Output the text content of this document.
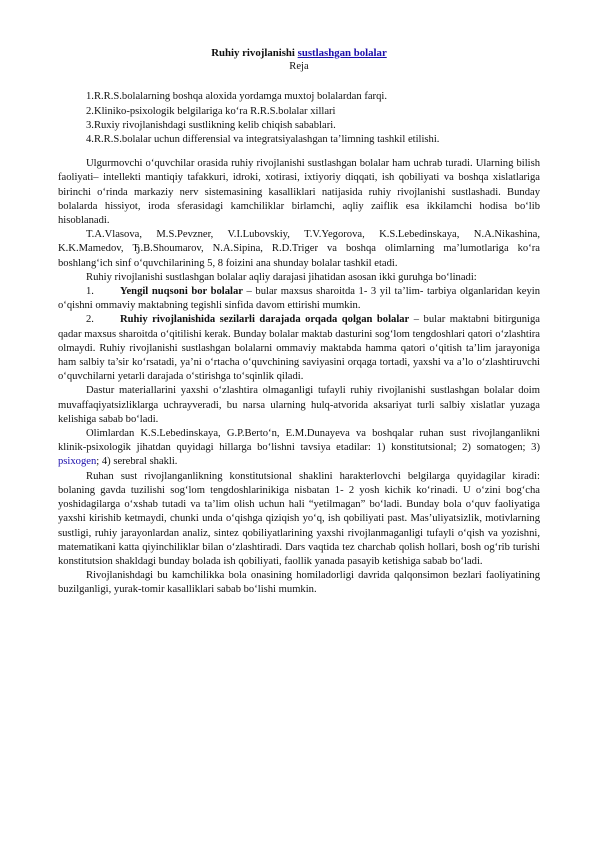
Ruhiy rivojlanishi sustlashgan bolalar
Reja
1.R.R.S.bolalarning boshqa aloxida yordamga muxtoj bolalardan farqi.
2.Kliniko-psixologik belgilariga ko‘ra R.R.S.bolalar xillari
3.Ruxiy rivojlanishdagi sustlikning kelib chiqish sabablari.
4.R.R.S.bolalar uchun differensial va integratsiyalashgan ta’limning tashkil etilishi.

Ulgurmovchi o‘quvchilar orasida ruhiy rivojlanishi sustlashgan bolalar ham uchrab turadi. Ularning bilish faoliyati– intellekti mantiqiy tafakkuri, idroki, xotirasi, ixtiyoriy diqqati, ish qobiliyati va boshqa xislatlariga birinchi o‘rinda markaziy nerv sistemasining kasalliklari natijasida ruhiy rivojlanishi sustlashadi. Bunday bolalarda hissiyot, iroda sferasidagi kamchiliklar birlamchi, aqliy zaiflik esa ikkilamchi hodisa bo‘lib hisoblanadi.

T.A.Vlasova, M.S.Pevzner, V.I.Lubovskiy, T.V.Yegorova, K.S.Lebedinskaya, N.A.Nikashina, K.K.Mamedov, Ђ.B.Shoumarov, N.A.Sipina, R.D.Triger va boshqa olimlarning ma’lumotlariga ko‘ra boshlang‘ich sinf o‘quvchilarining 5, 8 foizini ana shunday bolalar tashkil etadi.

Ruhiy rivojlanishi sustlashgan bolalar aqliy darajasi jihatidan asosan ikki guruhga bo‘linadi:

1. Yengil nuqsoni bor bolalar – bular maxsus sharoitda 1- 3 yil ta’lim- tarbiya olganlaridan keyin o‘qishni ommaviy maktabning tegishli sinfida davom ettirishi mumkin.

2. Ruhiy rivojlanishida sezilarli darajada orqada qolgan bolalar – bular maktabni bitirguniga qadar maxsus sharoitda o‘qitilishi kerak. Bunday bolalar maktab dasturini sog‘lom tengdoshlari qatori o‘zlashtira olmaydi. Ruhiy rivojlanishi sustlashgan bolalarni ommaviy maktabda hamma qatori o‘qitish ta’lim jarayoniga ham salbiy ta’sir ko‘rsatadi, ya’ni o‘rtacha o‘quvchining saviyasini orqaga tortadi, yaxshi va a’lo o‘zlashtiruvchi o‘quvchilarni yetarli darajada o‘stirishga to‘sqinlik qiladi.

Dastur materiallarini yaxshi o‘zlashtira olmaganligi tufayli ruhiy rivojlanishi sustlashgan bolalar doim muvaffaqiyatsizliklarga uchrayveradi, bu narsa ularning hulq-atvorida aksariyat turli salbiy xislatlar yuzaga kelishiga sabab bo‘ladi.

Olimlardan K.S.Lebedinskaya, G.P.Berto‘n, E.M.Dunayeva va boshqalar ruhan sust rivojlanganlikni klinik-psixologik jihatdan quyidagi hillarga bo‘lishni tavsiya etadilar: 1) konstitutsional; 2) somatogen; 3) psixogen; 4) serebral shakli.

Ruhan sust rivojlanganlikning konstitutsional shaklini harakterlovchi belgilarga quyidagilar kiradi: bolaning gavda tuzilishi sog‘lom tengdoshlarinikiga nisbatan 1- 2 yosh kichik ko‘rinadi. U o‘zini bog‘cha yoshidagilarga o‘xshab tutadi va ta’lim olish uchun hali “yetilmagan” bo‘ladi. Bunday bola o‘quv faoliyatiga yaxshi kirishib ketmaydi, chunki unda o‘qishga qiziqish yo‘q, ish qobiliyati past. Mas’uliyatsizlik, motivlarning sustligi, ruhiy jarayonlardan analiz, sintez qobiliyatlarining yaxshi rivojlanmaganligi tufayli o‘qish va yozishni, matematikani katta qiyinchiliklar bilan o‘zlashtiradi. Dars vaqtida tez charchab qolish hollari, bosh og‘rib turishi konstitutsion shakldagi bunday bolada ish qobiliyati, faollik yanada pasayib ketishiga sabab bo‘ladi.

Rivojlanishdagi bu kamchilikka bola onasining homiladorligi davrida qalqonsimon bezlari faoliyatining buzilganligi, yurak-tomir kasalliklari sabab bo‘lishi mumkin.
